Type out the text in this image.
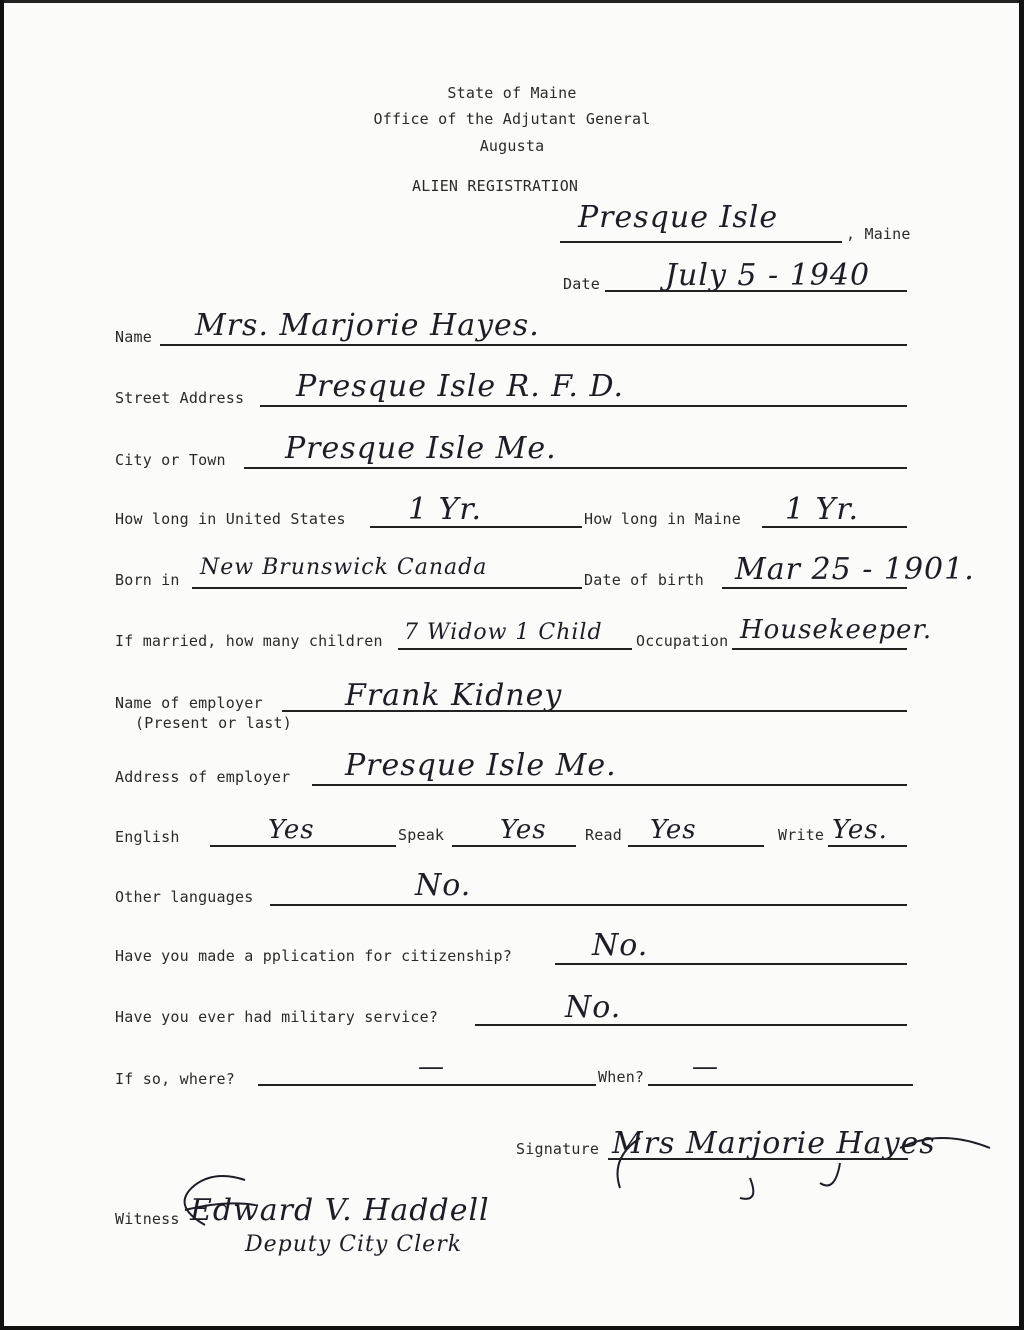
State of Maine
Office of the Adjutant General
Augusta
ALIEN REGISTRATION
Presque Isle	, Maine
Date July 5 - 1940
Name Mrs. Marjorie Hayes.
Street Address Presque Isle R. F. D.
City or Town Presque Isle Me.
How long in United States 1 Yr.	How long in Maine 1 Yr.
Born in New Brunswick Canada	Date of birth Mar 25 - 1901.
If married, how many children 7 Widow 1 Child Occupation Housekeeper.
Name of employer
(Present or last)
Frank Kidney
Address of employer Presque Isle Me.
English	Yes	Speak Yes	Read Yes	Write Yes.
Other languages	No.
Have you made a pplication for citizenship?	No.
Have you ever had military service?	No.
If so, where?	—	When? —
Signature Mrs Marjorie Hayes
Witness Edward V. Haddell
Deputy City Clerk
